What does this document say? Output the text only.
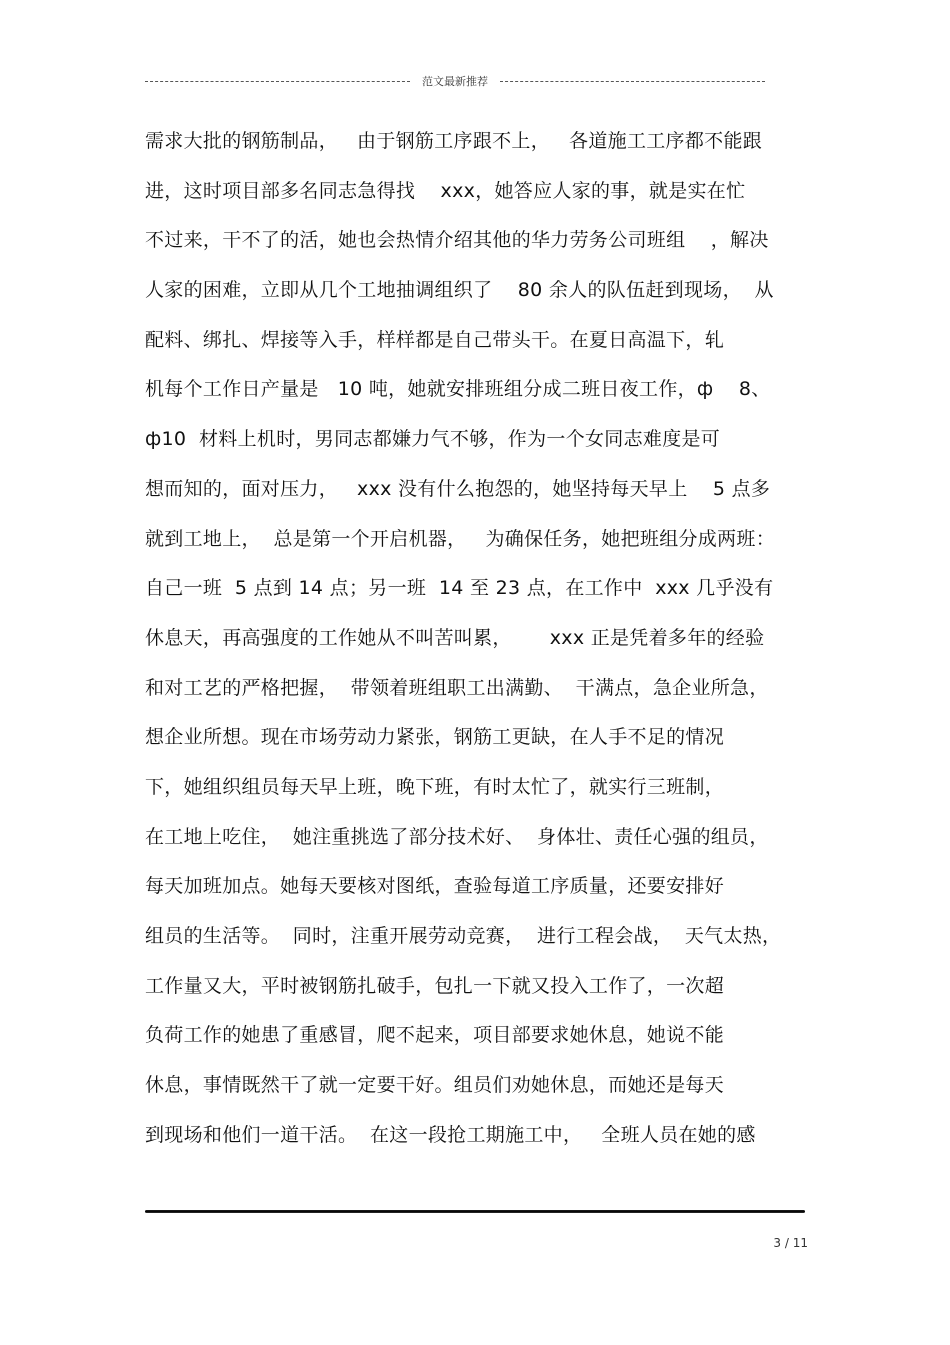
范文最新推荐
需求大批的钢筋制品，   由于钢筋工序跟不上，   各道施工工序都不能跟
进，这时项目部多名同志急得找    xxx，她答应人家的事，就是实在忙
不过来，干不了的活，她也会热情介绍其他的华力劳务公司班组    ，解决
人家的困难，立即从几个工地抽调组织了    80 余人的队伍赶到现场，  从
配料、绑扎、焊接等入手，样样都是自己带头干。在夏日高温下，轧
机每个工作日产量是   10 吨，她就安排班组分成二班日夜工作，ф    8、
ф10  材料上机时，男同志都嫌力气不够，作为一个女同志难度是可
想而知的，面对压力，   xxx 没有什么抱怨的，她坚持每天早上    5 点多
就到工地上，  总是第一个开启机器，   为确保任务，她把班组分成两班：
自己一班  5 点到 14 点；另一班  14 至 23 点，在工作中  xxx 几乎没有
休息天，再高强度的工作她从不叫苦叫累，      xxx 正是凭着多年的经验
和对工艺的严格把握，  带领着班组职工出满勤、  干满点，急企业所急，
想企业所想。现在市场劳动力紧张，钢筋工更缺，在人手不足的情况
下，她组织组员每天早上班，晚下班，有时太忙了，就实行三班制，
在工地上吃住，  她注重挑选了部分技术好、  身体壮、责任心强的组员，
每天加班加点。她每天要核对图纸，查验每道工序质量，还要安排好
组员的生活等。  同时，注重开展劳动竞赛，  进行工程会战，  天气太热，
工作量又大，平时被钢筋扎破手，包扎一下就又投入工作了，一次超
负荷工作的她患了重感冒，爬不起来，项目部要求她休息，她说不能
休息，事情既然干了就一定要干好。组员们劝她休息，而她还是每天
到现场和他们一道干活。  在这一段抢工期施工中，   全班人员在她的感
3 / 11
